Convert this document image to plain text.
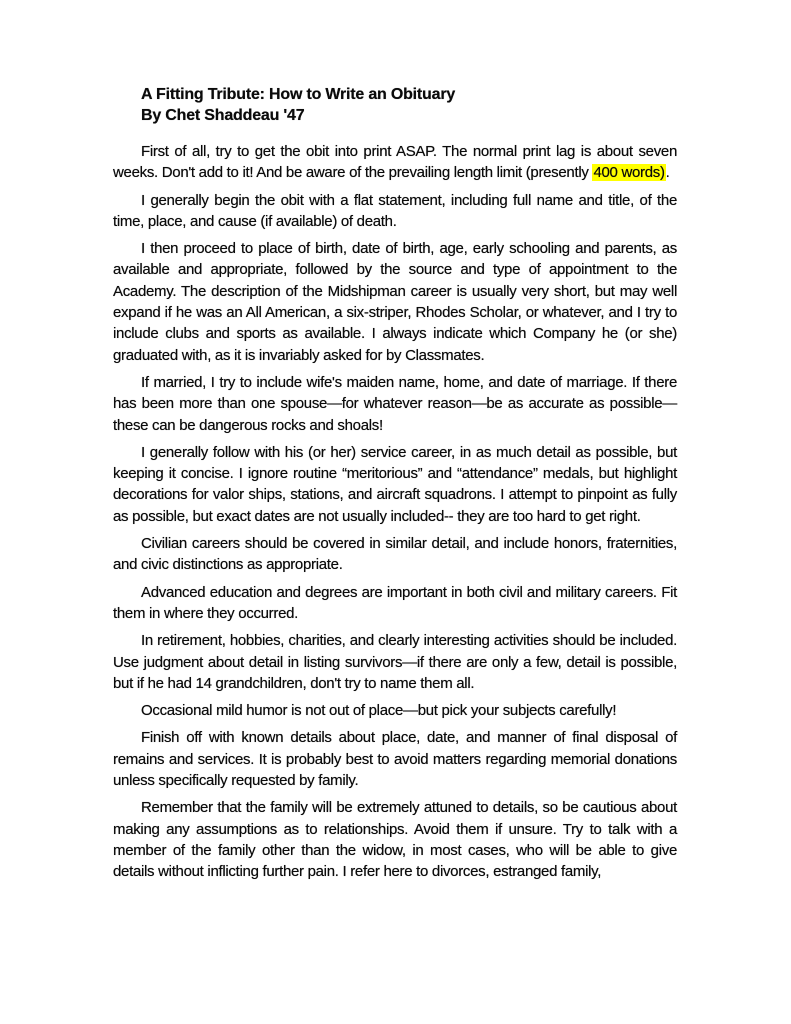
A Fitting Tribute: How to Write an Obituary
By Chet Shaddeau '47

First of all, try to get the obit into print ASAP. The normal print lag is about seven weeks. Don't add to it! And be aware of the prevailing length limit (presently 400 words).

I generally begin the obit with a flat statement, including full name and title, of the time, place, and cause (if available) of death.

I then proceed to place of birth, date of birth, age, early schooling and parents, as available and appropriate, followed by the source and type of appointment to the Academy. The description of the Midshipman career is usually very short, but may well expand if he was an All American, a six-striper, Rhodes Scholar, or whatever, and I try to include clubs and sports as available. I always indicate which Company he (or she) graduated with, as it is invariably asked for by Classmates.

If married, I try to include wife's maiden name, home, and date of marriage. If there has been more than one spouse—for whatever reason—be as accurate as possible—these can be dangerous rocks and shoals!

I generally follow with his (or her) service career, in as much detail as possible, but keeping it concise. I ignore routine “meritorious” and “attendance” medals, but highlight decorations for valor ships, stations, and aircraft squadrons. I attempt to pinpoint as fully as possible, but exact dates are not usually included-- they are too hard to get right.

Civilian careers should be covered in similar detail, and include honors, fraternities, and civic distinctions as appropriate.

Advanced education and degrees are important in both civil and military careers. Fit them in where they occurred.

In retirement, hobbies, charities, and clearly interesting activities should be included. Use judgment about detail in listing survivors—if there are only a few, detail is possible, but if he had 14 grandchildren, don't try to name them all.

Occasional mild humor is not out of place—but pick your subjects carefully!

Finish off with known details about place, date, and manner of final disposal of remains and services. It is probably best to avoid matters regarding memorial donations unless specifically requested by family.

Remember that the family will be extremely attuned to details, so be cautious about making any assumptions as to relationships. Avoid them if unsure. Try to talk with a member of the family other than the widow, in most cases, who will be able to give details without inflicting further pain. I refer here to divorces, estranged family,
